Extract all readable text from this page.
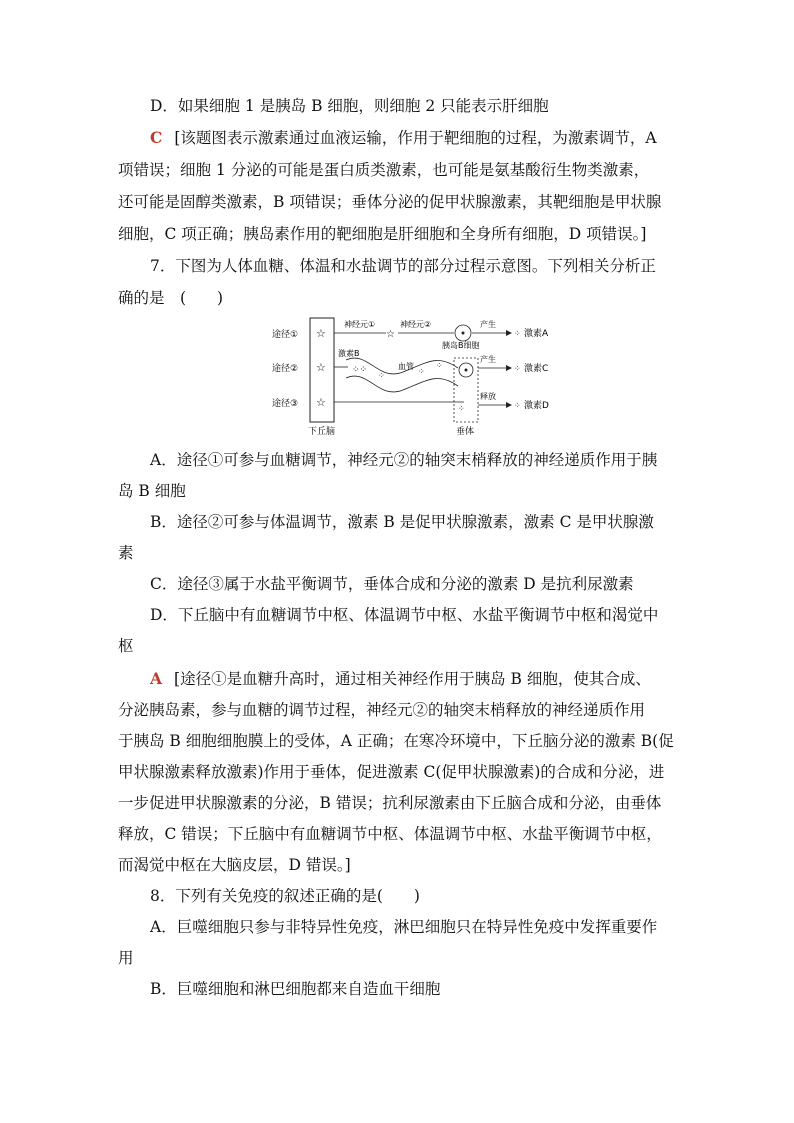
D．如果细胞 1 是胰岛 B 细胞，则细胞 2 只能表示肝细胞
C [该题图表示激素通过血液运输，作用于靶细胞的过程，为激素调节，A
项错误；细胞 1 分泌的可能是蛋白质类激素，也可能是氨基酸衍生物类激素，
还可能是固醇类激素，B 项错误；垂体分泌的促甲状腺激素，其靶细胞是甲状腺
细胞，C 项正确；胰岛素作用的靶细胞是肝细胞和全身所有细胞，D 项错误。]
7．下图为人体血糖、体温和水盐调节的部分过程示意图。下列相关分析正
确的是　(　　)
途径①
途径②
途径③
☆
☆
☆
神经元①
☆
神经元②	产生
⁘ 激素A
激素B
⁘⁘	血管
⁘	⁘
⁘
胰岛B细胞
产生
⁘ 激素C
⁘
释放
⁘ 激素D
下丘脑	垂体
A．途径①可参与血糖调节，神经元②的轴突末梢释放的神经递质作用于胰
岛 B 细胞
B．途径②可参与体温调节，激素 B 是促甲状腺激素，激素 C 是甲状腺激
素
C．途径③属于水盐平衡调节，垂体合成和分泌的激素 D 是抗利尿激素
D．下丘脑中有血糖调节中枢、体温调节中枢、水盐平衡调节中枢和渴觉中
枢
A [途径①是血糖升高时，通过相关神经作用于胰岛 B 细胞，使其合成、
分泌胰岛素，参与血糖的调节过程，神经元②的轴突末梢释放的神经递质作用
于胰岛 B 细胞细胞膜上的受体，A 正确；在寒冷环境中，下丘脑分泌的激素 B(促
甲状腺激素释放激素)作用于垂体，促进激素 C(促甲状腺激素)的合成和分泌，进
一步促进甲状腺激素的分泌，B 错误；抗利尿激素由下丘脑合成和分泌，由垂体
释放，C 错误；下丘脑中有血糖调节中枢、体温调节中枢、水盐平衡调节中枢，
而渴觉中枢在大脑皮层，D 错误。]
8．下列有关免疫的叙述正确的是(　　)
A．巨噬细胞只参与非特异性免疫，淋巴细胞只在特异性免疫中发挥重要作
用
B．巨噬细胞和淋巴细胞都来自造血干细胞
